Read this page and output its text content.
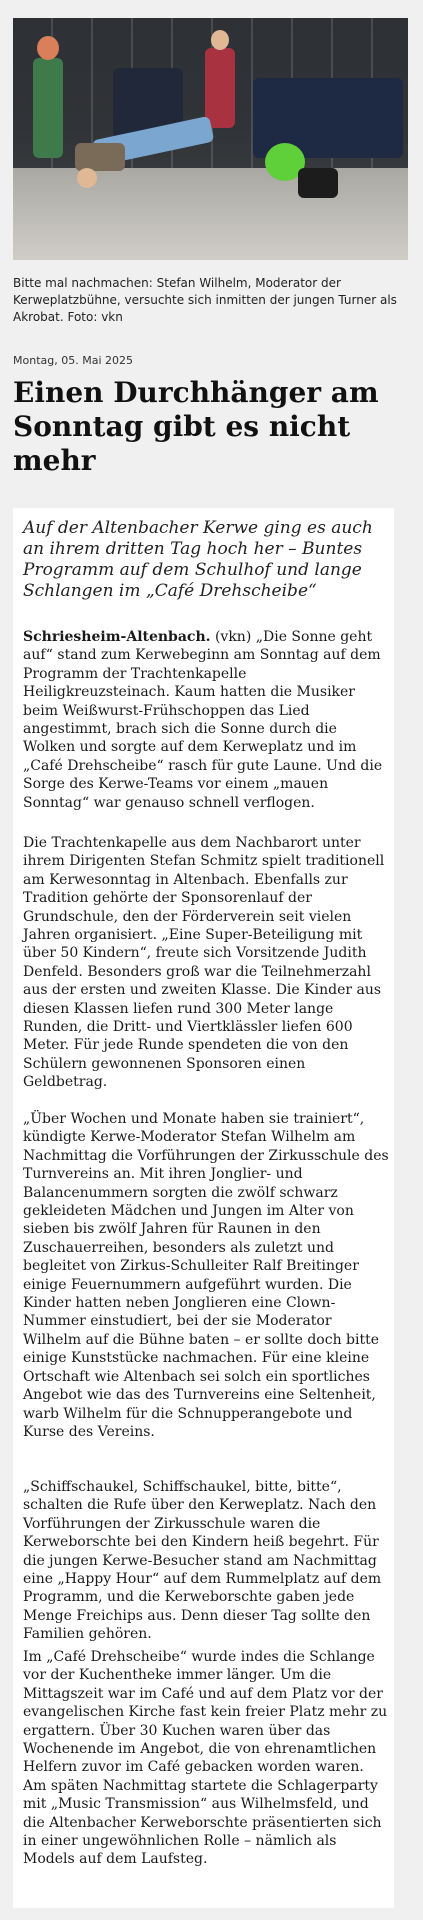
Bitte mal nachmachen: Stefan Wilhelm, Moderator der Kerweplatzbühne, versuchte sich inmitten der jungen Turner als Akrobat. Foto: vkn
Montag, 05. Mai 2025
Einen Durchhänger am Sonntag gibt es nicht mehr

Auf der Altenbacher Kerwe ging es auch an ihrem dritten Tag hoch her – Buntes Programm auf dem Schulhof und lange Schlangen im „Café Drehscheibe“

Schriesheim-Altenbach. (vkn) „Die Sonne geht auf“ stand zum Kerwebeginn am Sonntag auf dem Programm der Trachtenkapelle Heiligkreuzsteinach. Kaum hatten die Musiker beim Weißwurst-Frühschoppen das Lied angestimmt, brach sich die Sonne durch die Wolken und sorgte auf dem Kerweplatz und im „Café Drehscheibe“ rasch für gute Laune. Und die Sorge des Kerwe-Teams vor einem „mauen Sonntag“ war genauso schnell verflogen.

Die Trachtenkapelle aus dem Nachbarort unter ihrem Dirigenten Stefan Schmitz spielt traditionell am Kerwesonntag in Altenbach. Ebenfalls zur Tradition gehörte der Sponsorenlauf der Grundschule, den der Förderverein seit vielen Jahren organisiert. „Eine Super-Beteiligung mit über 50 Kindern“, freute sich Vorsitzende Judith Denfeld. Besonders groß war die Teilnehmerzahl aus der ersten und zweiten Klasse. Die Kinder aus diesen Klassen liefen rund 300 Meter lange Runden, die Dritt- und Viertklässler liefen 600 Meter. Für jede Runde spendeten die von den Schülern gewonnenen Sponsoren einen Geldbetrag.

„Über Wochen und Monate haben sie trainiert“, kündigte Kerwe-Moderator Stefan Wilhelm am Nachmittag die Vorführungen der Zirkusschule des Turnvereins an. Mit ihren Jonglier- und Balancenummern sorgten die zwölf schwarz gekleideten Mädchen und Jungen im Alter von sieben bis zwölf Jahren für Raunen in den Zuschauerreihen, besonders als zuletzt und begleitet von Zirkus-Schulleiter Ralf Breitinger einige Feuernummern aufgeführt wurden. Die Kinder hatten neben Jonglieren eine Clown-Nummer einstudiert, bei der sie Moderator Wilhelm auf die Bühne baten – er sollte doch bitte einige Kunststücke nachmachen. Für eine kleine Ortschaft wie Altenbach sei solch ein sportliches Angebot wie das des Turnvereins eine Seltenheit, warb Wilhelm für die Schnupperangebote und Kurse des Vereins.

„Schiffschaukel, Schiffschaukel, bitte, bitte“, schalten die Rufe über den Kerweplatz. Nach den Vorführungen der Zirkusschule waren die Kerweborschte bei den Kindern heiß begehrt. Für die jungen Kerwe-Besucher stand am Nachmittag eine „Happy Hour“ auf dem Rummelplatz auf dem Programm, und die Kerweborschte gaben jede Menge Freichips aus. Denn dieser Tag sollte den Familien gehören.

Im „Café Drehscheibe“ wurde indes die Schlange vor der Kuchentheke immer länger. Um die Mittagszeit war im Café und auf dem Platz vor der evangelischen Kirche fast kein freier Platz mehr zu ergattern. Über 30 Kuchen waren über das Wochenende im Angebot, die von ehrenamtlichen Helfern zuvor im Café gebacken worden waren. Am späten Nachmittag startete die Schlagerparty mit „Music Transmission“ aus Wilhelmsfeld, und die Altenbacher Kerweborschte präsentierten sich in einer ungewöhnlichen Rolle – nämlich als Models auf dem Laufsteg.
